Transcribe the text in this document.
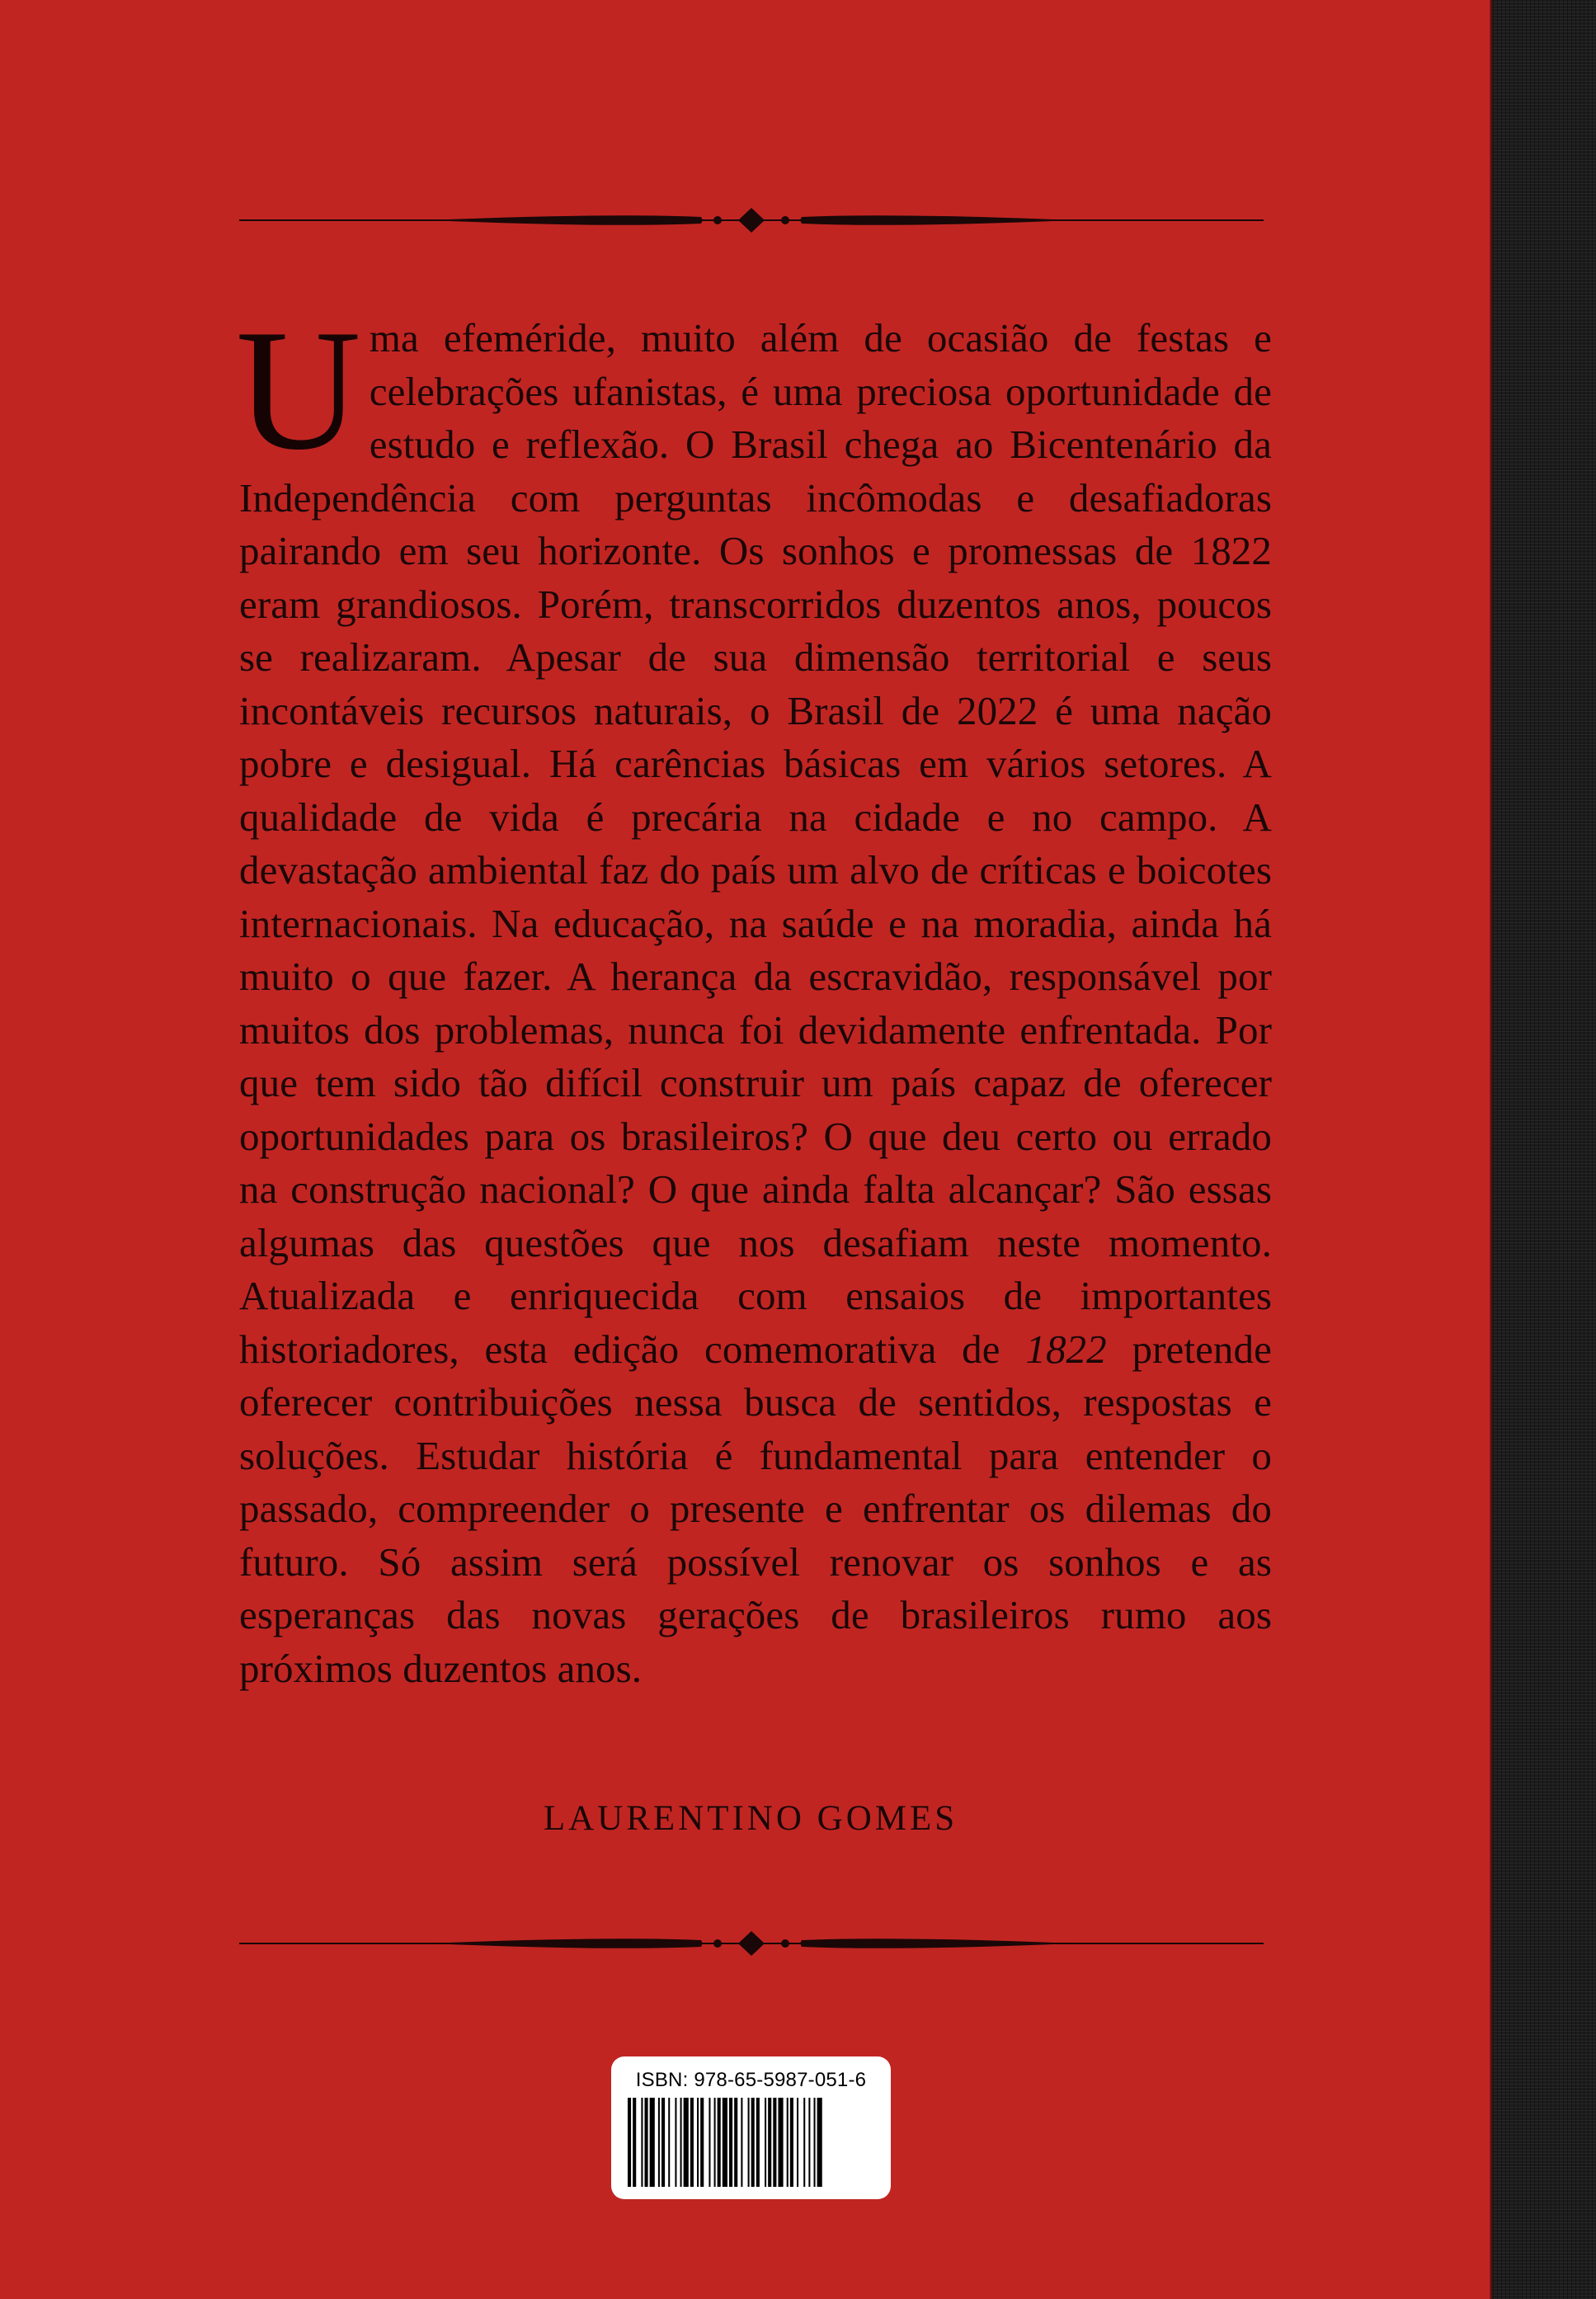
Uma efeméride, muito além de ocasião de festas e celebrações ufanistas, é uma preciosa oportunidade de estudo e reflexão. O Brasil chega ao Bicentenário da Independência com perguntas incômodas e desafiadoras pairando em seu horizonte. Os sonhos e promessas de 1822 eram grandiosos. Porém, transcorridos duzentos anos, poucos se realizaram. Apesar de sua dimensão territorial e seus incontáveis recursos naturais, o Brasil de 2022 é uma nação pobre e desigual. Há carências básicas em vários setores. A qualidade de vida é precária na cidade e no campo. A devastação ambiental faz do país um alvo de críticas e boicotes internacionais. Na educação, na saúde e na moradia, ainda há muito o que fazer. A herança da escravidão, responsável por muitos dos problemas, nunca foi devidamente enfrentada. Por que tem sido tão difícil construir um país capaz de oferecer oportunidades para os brasileiros? O que deu certo ou errado na construção nacional? O que ainda falta alcançar? São essas algumas das questões que nos desafiam neste momento. Atualizada e enriquecida com ensaios de importantes historiadores, esta edição comemorativa de 1822 pretende oferecer contribuições nessa busca de sentidos, respostas e soluções. Estudar história é fundamental para entender o passado, compreender o presente e enfrentar os dilemas do futuro. Só assim será possível renovar os sonhos e as esperanças das novas gerações de brasileiros rumo aos próximos duzentos anos.

LAURENTINO GOMES

ISBN: 978-65-5987-051-6
